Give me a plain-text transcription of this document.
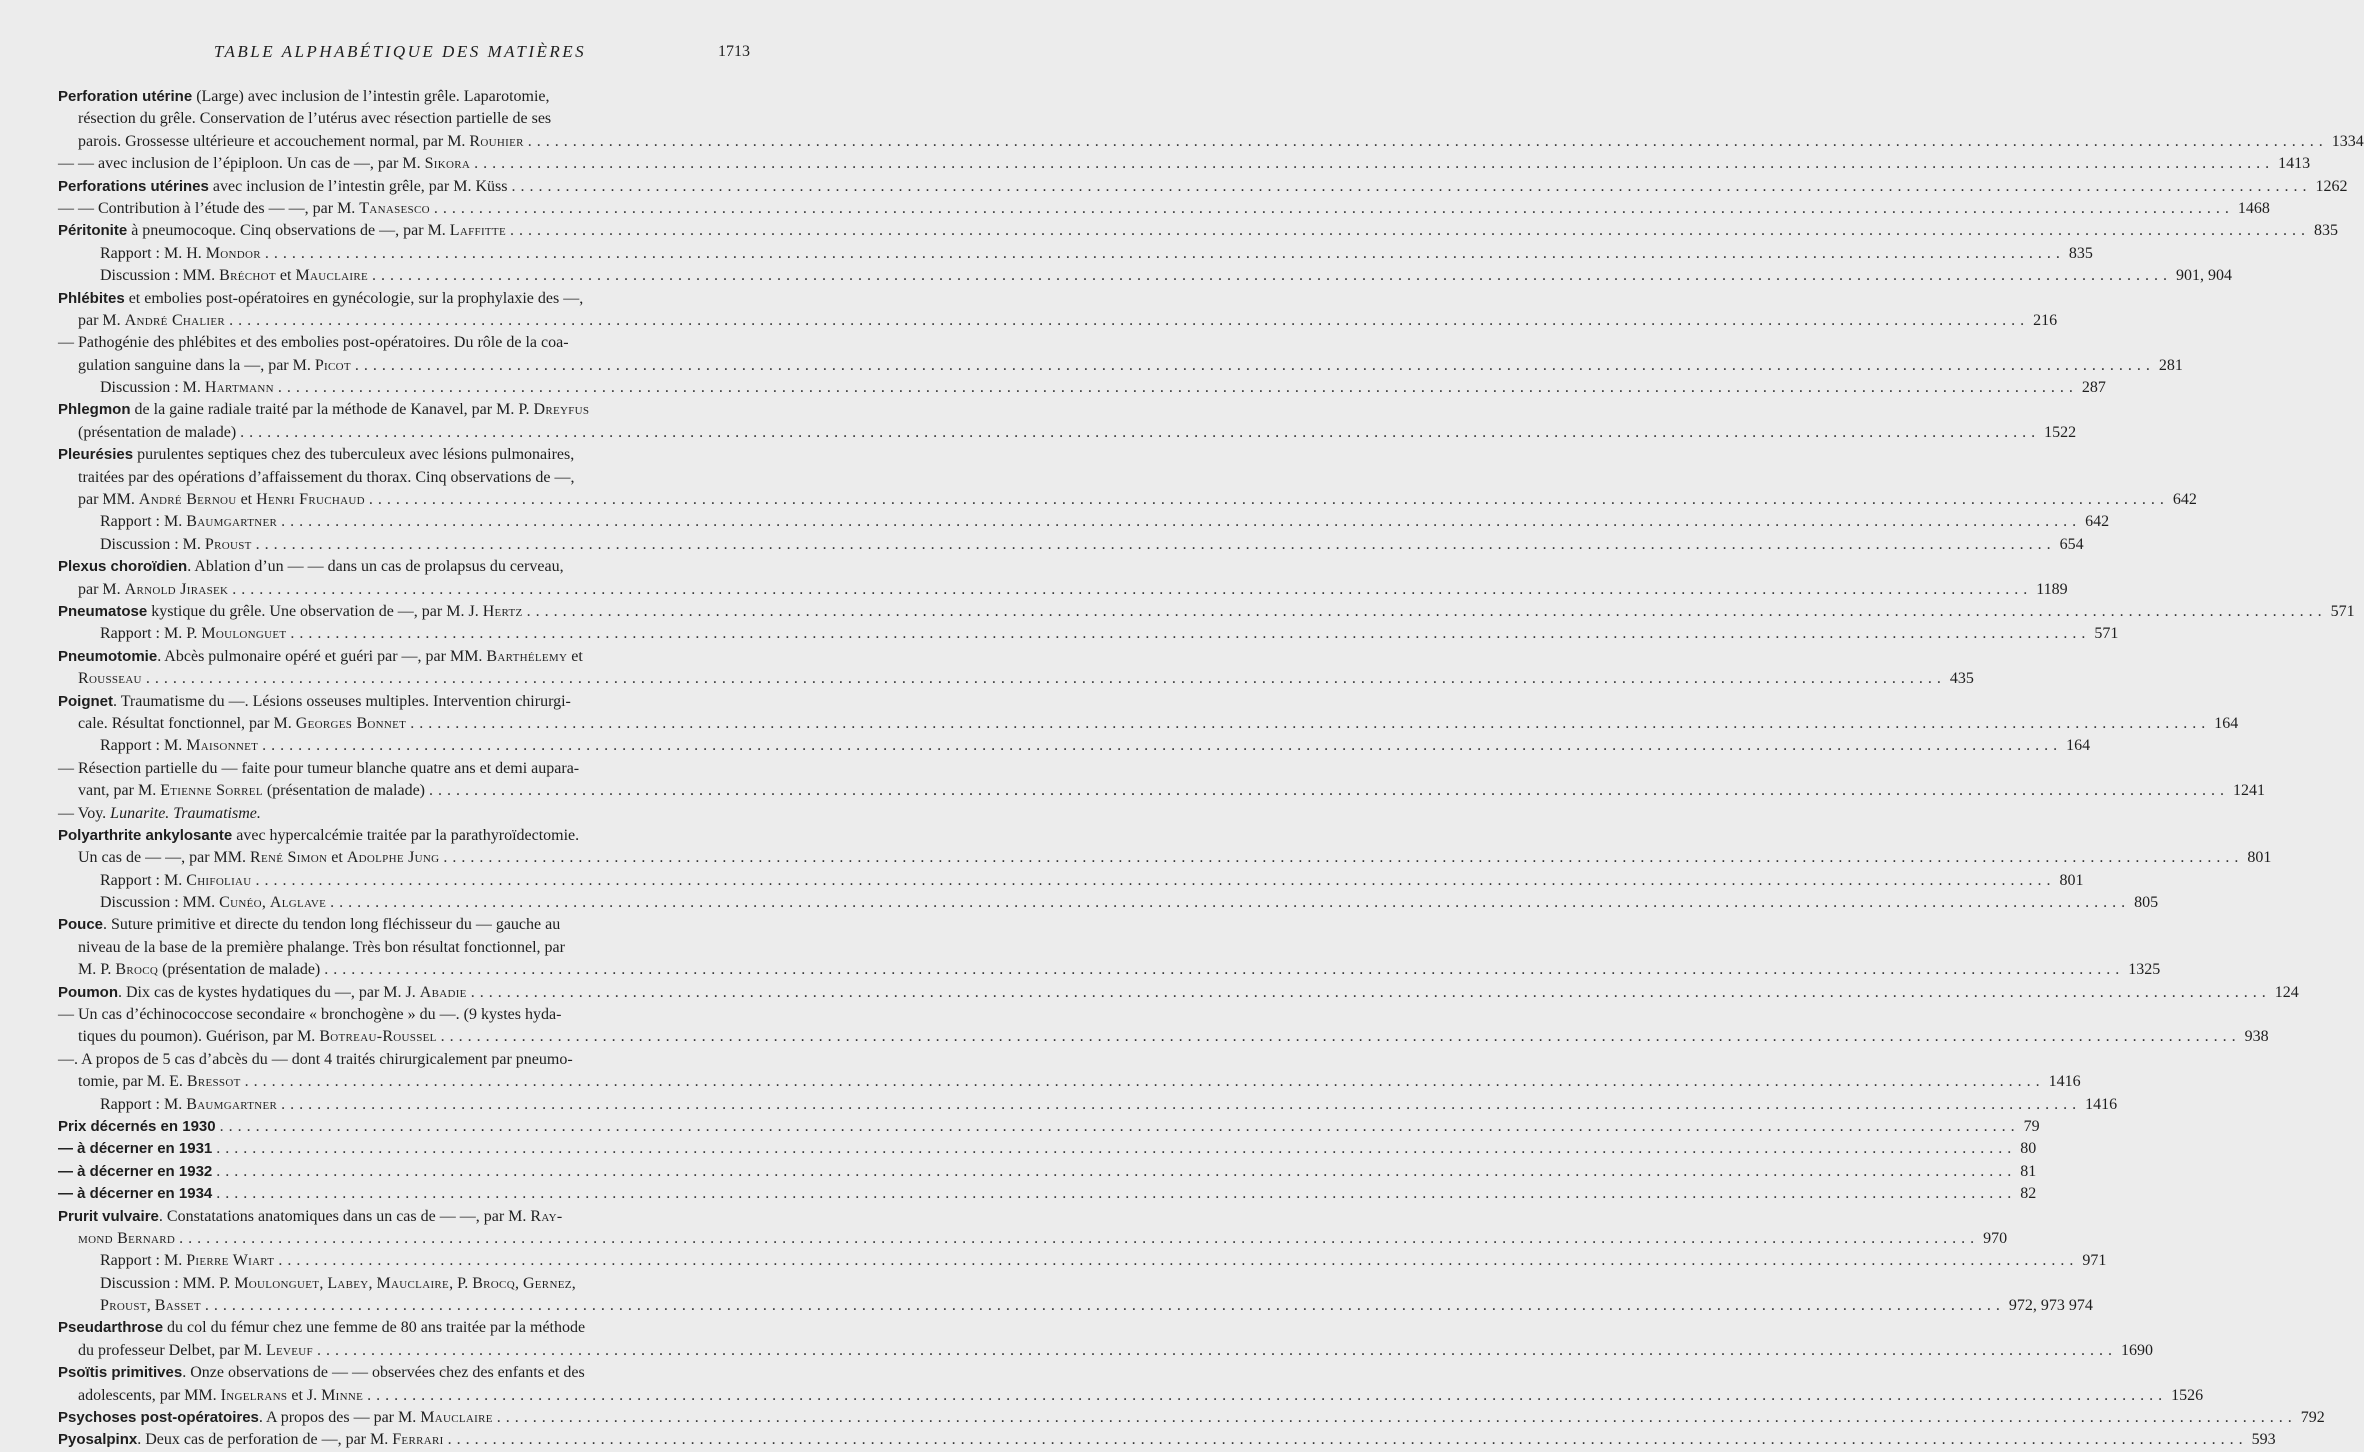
TABLE ALPHABÉTIQUE DES MATIÈRES	1713
Perforation utérine (Large) avec inclusion de l’intestin grêle. Laparotomie,
résection du grêle. Conservation de l’utérus avec résection partielle de ses
parois. Grossesse ultérieure et accouchement normal, par M. Rouhier ........................................................................................................................................................................................................ 1334
— — avec inclusion de l’épiploon. Un cas de —, par M. Sikora ........................................................................................................................................................................................................ 1413
Perforations utérines avec inclusion de l’intestin grêle, par M. Küss ........................................................................................................................................................................................................ 1262
— — Contribution à l’étude des — —, par M. Tanasesco ........................................................................................................................................................................................................ 1468
Péritonite à pneumocoque. Cinq observations de —, par M. Laffitte ........................................................................................................................................................................................................ 835
Rapport : M. H. Mondor ........................................................................................................................................................................................................ 835
Discussion : MM. Bréchot et Mauclaire ........................................................................................................................................................................................................ 901, 904
Phlébites et embolies post-opératoires en gynécologie, sur la prophylaxie des —,
par M. André Chalier ........................................................................................................................................................................................................ 216
— Pathogénie des phlébites et des embolies post-opératoires. Du rôle de la coa-
gulation sanguine dans la —, par M. Picot ........................................................................................................................................................................................................ 281
Discussion : M. Hartmann ........................................................................................................................................................................................................ 287
Phlegmon de la gaine radiale traité par la méthode de Kanavel, par M. P. Dreyfus
(présentation de malade) ........................................................................................................................................................................................................ 1522
Pleurésies purulentes septiques chez des tuberculeux avec lésions pulmonaires,
traitées par des opérations d’affaissement du thorax. Cinq observations de —,
par MM. André Bernou et Henri Fruchaud ........................................................................................................................................................................................................ 642
Rapport : M. Baumgartner ........................................................................................................................................................................................................ 642
Discussion : M. Proust ........................................................................................................................................................................................................ 654
Plexus choroïdien. Ablation d’un — — dans un cas de prolapsus du cerveau,
par M. Arnold Jirasek ........................................................................................................................................................................................................ 1189
Pneumatose kystique du grêle. Une observation de —, par M. J. Hertz ........................................................................................................................................................................................................ 571
Rapport : M. P. Moulonguet ........................................................................................................................................................................................................ 571
Pneumotomie. Abcès pulmonaire opéré et guéri par —, par MM. Barthélemy et
Rousseau ........................................................................................................................................................................................................ 435
Poignet. Traumatisme du —. Lésions osseuses multiples. Intervention chirurgi-
cale. Résultat fonctionnel, par M. Georges Bonnet ........................................................................................................................................................................................................ 164
Rapport : M. Maisonnet ........................................................................................................................................................................................................ 164
— Résection partielle du — faite pour tumeur blanche quatre ans et demi aupara-
vant, par M. Etienne Sorrel (présentation de malade) ........................................................................................................................................................................................................ 1241
— Voy. Lunarite. Traumatisme.
Polyarthrite ankylosante avec hypercalcémie traitée par la parathyroïdectomie.
Un cas de — —, par MM. René Simon et Adolphe Jung ........................................................................................................................................................................................................ 801
Rapport : M. Chifoliau ........................................................................................................................................................................................................ 801
Discussion : MM. Cunéo, Alglave ........................................................................................................................................................................................................ 805
Pouce. Suture primitive et directe du tendon long fléchisseur du — gauche au
niveau de la base de la première phalange. Très bon résultat fonctionnel, par
M. P. Brocq (présentation de malade) ........................................................................................................................................................................................................ 1325
Poumon. Dix cas de kystes hydatiques du —, par M. J. Abadie ........................................................................................................................................................................................................ 124
— Un cas d’échinococcose secondaire « bronchogène » du —. (9 kystes hyda-
tiques du poumon). Guérison, par M. Botreau-Roussel ........................................................................................................................................................................................................ 938
—. A propos de 5 cas d’abcès du — dont 4 traités chirurgicalement par pneumo-
tomie, par M. E. Bressot ........................................................................................................................................................................................................ 1416
Rapport : M. Baumgartner ........................................................................................................................................................................................................ 1416
Prix décernés en 1930 ........................................................................................................................................................................................................ 79
— à décerner en 1931 ........................................................................................................................................................................................................ 80
— à décerner en 1932 ........................................................................................................................................................................................................ 81
— à décerner en 1934 ........................................................................................................................................................................................................ 82
Prurit vulvaire. Constatations anatomiques dans un cas de — —, par M. Ray-
mond Bernard ........................................................................................................................................................................................................ 970
Rapport : M. Pierre Wiart ........................................................................................................................................................................................................ 971
Discussion : MM. P. Moulonguet, Labey, Mauclaire, P. Brocq, Gernez,
Proust, Basset ........................................................................................................................................................................................................ 972, 973 974
Pseudarthrose du col du fémur chez une femme de 80 ans traitée par la méthode
du professeur Delbet, par M. Leveuf ........................................................................................................................................................................................................ 1690
Psoïtis primitives. Onze observations de — — observées chez des enfants et des
adolescents, par MM. Ingelrans et J. Minne ........................................................................................................................................................................................................ 1526
Psychoses post-opératoires. A propos des — par M. Mauclaire ........................................................................................................................................................................................................ 792
Pyosalpinx. Deux cas de perforation de —, par M. Ferrari ........................................................................................................................................................................................................ 593
